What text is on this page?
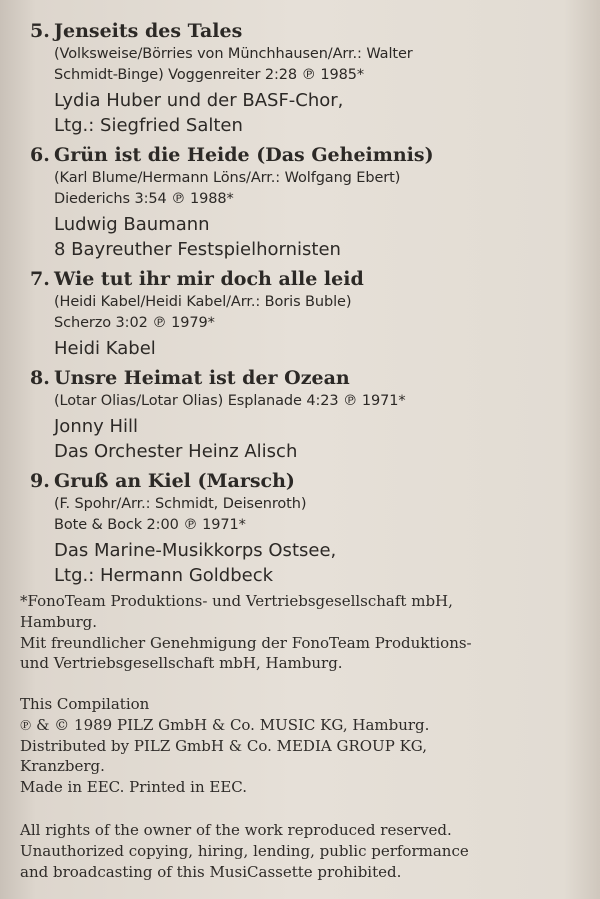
5. Jenseits des Tales
(Volksweise/Börries von Münchhausen/Arr.: Walter
Schmidt-Binge) Voggenreiter 2:28 ℗ 1985*
Lydia Huber und der BASF-Chor,
Ltg.: Siegfried Salten
6. Grün ist die Heide (Das Geheimnis)
(Karl Blume/Hermann Löns/Arr.: Wolfgang Ebert)
Diederichs 3:54 ℗ 1988*
Ludwig Baumann
8 Bayreuther Festspielhornisten
7. Wie tut ihr mir doch alle leid
(Heidi Kabel/Heidi Kabel/Arr.: Boris Buble)
Scherzo 3:02 ℗ 1979*
Heidi Kabel
8. Unsre Heimat ist der Ozean
(Lotar Olias/Lotar Olias) Esplanade 4:23 ℗ 1971*
Jonny Hill
Das Orchester Heinz Alisch
9. Gruß an Kiel (Marsch)
(F. Spohr/Arr.: Schmidt, Deisenroth)
Bote & Bock 2:00 ℗ 1971*
Das Marine-Musikkorps Ostsee,
Ltg.: Hermann Goldbeck
*FonoTeam Produktions- und Vertriebsgesellschaft mbH,
Hamburg.
Mit freundlicher Genehmigung der FonoTeam Produktions-
und Vertriebsgesellschaft mbH, Hamburg.
This Compilation
℗ & © 1989 PILZ GmbH & Co. MUSIC KG, Hamburg.
Distributed by PILZ GmbH & Co. MEDIA GROUP KG,
Kranzberg.
Made in EEC. Printed in EEC.
All rights of the owner of the work reproduced reserved.
Unauthorized copying, hiring, lending, public performance
and broadcasting of this MusiCassette prohibited.
